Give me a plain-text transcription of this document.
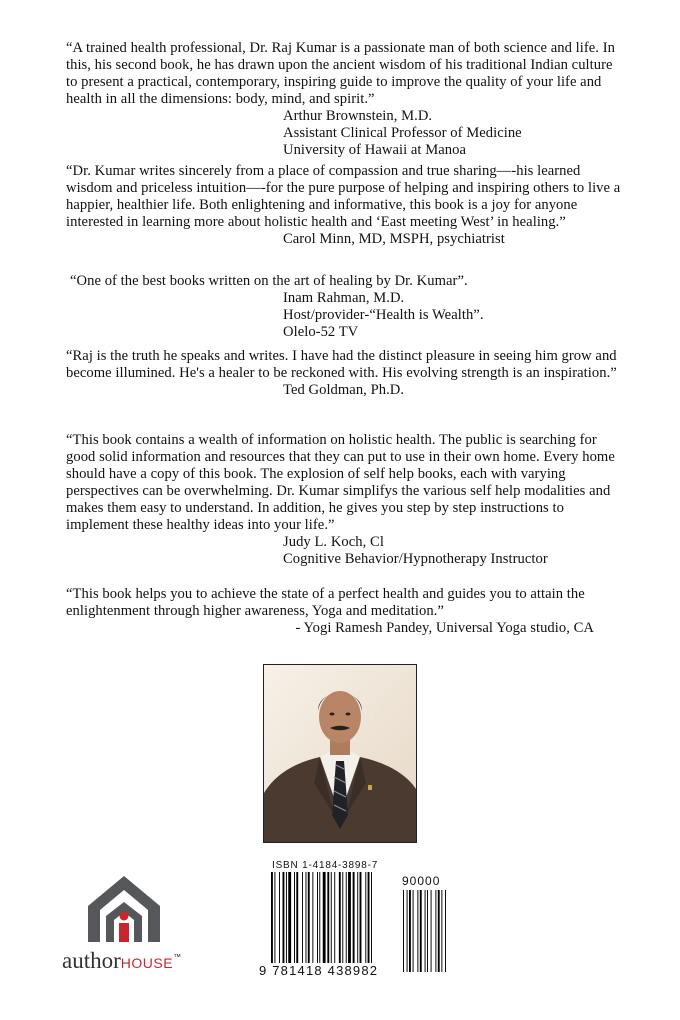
“A trained health professional, Dr. Raj Kumar is a passionate man of both science and life. In this, his second book, he has drawn upon the ancient wisdom of his traditional Indian culture to present a practical, contemporary, inspiring guide to improve the quality of your life and health in all the dimensions: body, mind, and spirit.”

Arthur Brownstein, M.D.
Assistant Clinical Professor of Medicine
University of Hawaii at Manoa

“Dr. Kumar writes sincerely from a place of compassion and true sharing—-his learned wisdom and priceless intuition—-for the pure purpose of helping and inspiring others to live a happier, healthier life. Both enlightening and informative, this book is a joy for anyone interested in learning more about holistic health and ‘East meeting West’ in healing.”

Carol Minn, MD, MSPH, psychiatrist

“One of the best books written on the art of healing by Dr. Kumar”.

Inam Rahman, M.D.
Host/provider-“Health is Wealth”.
Olelo-52 TV

“Raj is the truth he speaks and writes. I have had the distinct pleasure in seeing him grow and become illumined. He's a healer to be reckoned with. His evolving strength is an inspiration.”

Ted Goldman, Ph.D.

“This book contains a wealth of information on holistic health. The public is searching for good solid information and resources that they can put to use in their own home. Every home should have a copy of this book. The explosion of self help books, each with varying perspectives can be overwhelming. Dr. Kumar simplifys the various self help modalities and makes them easy to understand. In addition, he gives you step by step instructions to implement these healthy ideas into your life.”

Judy L. Koch, Cl
Cognitive Behavior/Hypnotherapy Instructor

“This book helps you to achieve the state of a perfect health and guides you to attain the enlightenment through higher awareness, Yoga and meditation.”

- Yogi Ramesh Pandey, Universal Yoga studio, CA
authorHOUSE™
ISBN 1-4184-3898-7
90000
9 781418 438982
